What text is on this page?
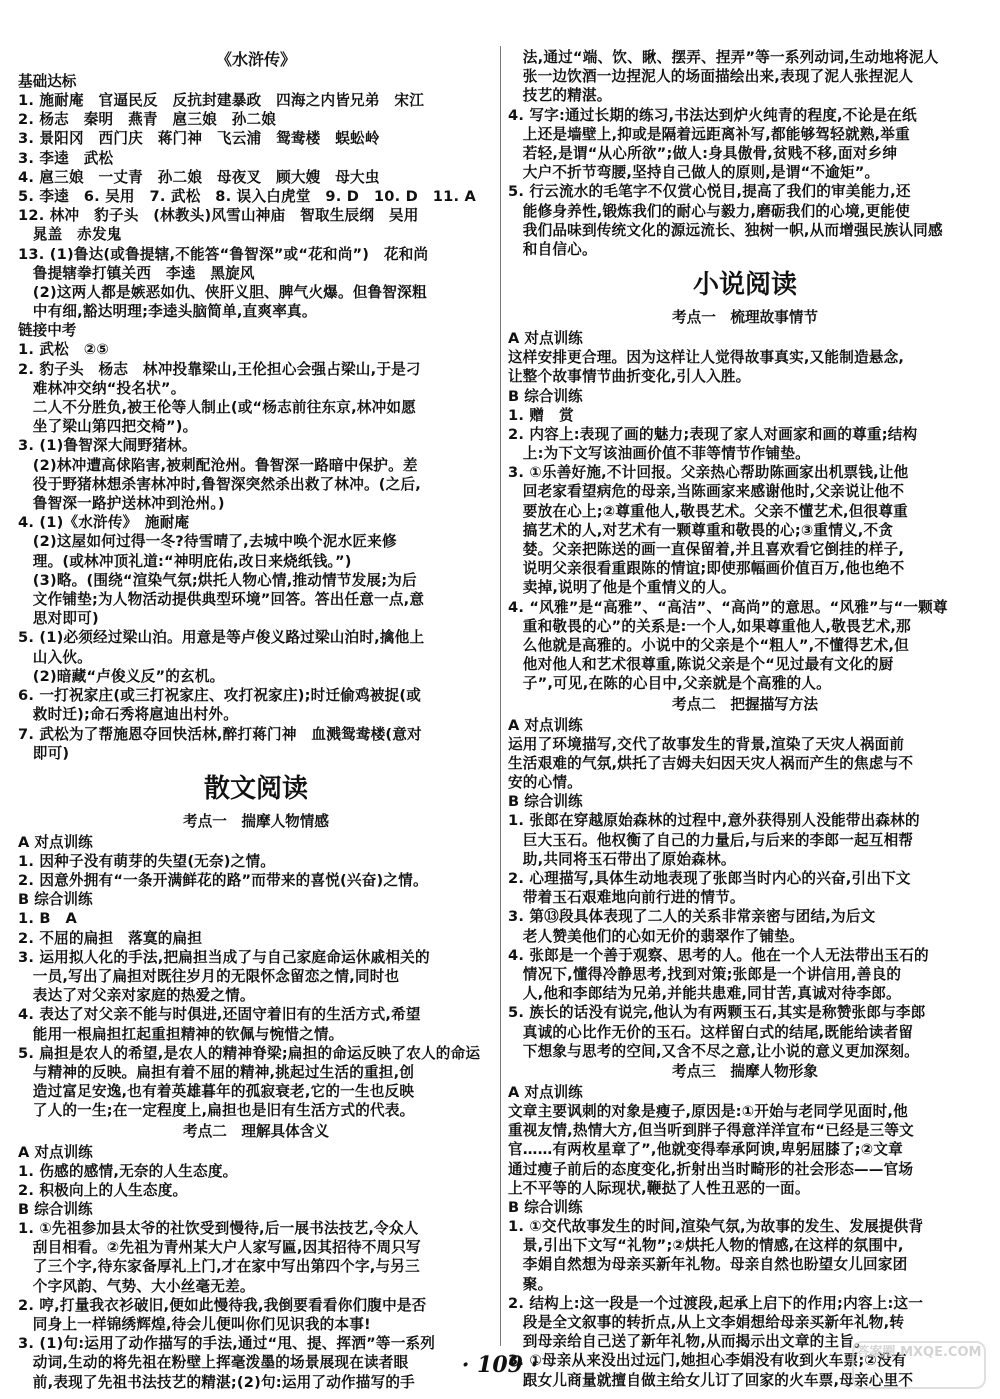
《水浒传》
基础达标
1. 施耐庵　官逼民反　反抗封建暴政　四海之内皆兄弟　宋江
2. 杨志　秦明　燕青　扈三娘　孙二娘
3. 景阳冈　西门庆　蒋门神　飞云浦　鸳鸯楼　蜈蚣岭
3. 李逵　武松
4. 扈三娘　一丈青　孙二娘　母夜叉　顾大嫂　母大虫
5. 李逵　6. 吴用　7. 武松　8. 误入白虎堂　9. D　10. D　11. A
12. 林冲　豹子头　(林教头)风雪山神庙　智取生辰纲　吴用
　晁盖　赤发鬼
13. (1)鲁达(或鲁提辖,不能答“鲁智深”或“花和尚”)　花和尚
　鲁提辖拳打镇关西　李逵　黑旋风
　(2)这两人都是嫉恶如仇、侠肝义胆、脾气火爆。但鲁智深粗
　中有细,豁达明理;李逵头脑简单,直爽率真。
链接中考
1. 武松　②⑤
2. 豹子头　杨志　林冲投靠梁山,王伦担心会强占梁山,于是刁
　难林冲交纳“投名状”。
　二人不分胜负,被王伦等人制止(或“杨志前往东京,林冲如愿
　坐了梁山第四把交椅”)。
3. (1)鲁智深大闹野猪林。
　(2)林冲遭高俅陷害,被刺配沧州。鲁智深一路暗中保护。差
　役于野猪林想杀害林冲时,鲁智深突然杀出救了林冲。(之后,
　鲁智深一路护送林冲到沧州。)
4. (1)《水浒传》　施耐庵
　(2)这屋如何过得一冬?待雪晴了,去城中唤个泥水匠来修
　理。(或林冲顶礼道:“神明庇佑,改日来烧纸钱。”)
　(3)略。(围绕“渲染气氛;烘托人物心情,推动情节发展;为后
　文作铺垫;为人物活动提供典型环境”回答。答出任意一点,意
　思对即可)
5. (1)必须经过梁山泊。用意是等卢俊义路过梁山泊时,擒他上
　山入伙。
　(2)暗藏“卢俊义反”的玄机。
6. 一打祝家庄(或三打祝家庄、攻打祝家庄);时迁偷鸡被捉(或
　救时迁);命石秀将扈迪出村外。
7. 武松为了帮施恩夺回快活林,醉打蒋门神　血溅鸳鸯楼(意对
　即可)
散文阅读
考点一　揣摩人物情感
A 对点训练
1. 因种子没有萌芽的失望(无奈)之情。
2. 因意外拥有“一条开满鲜花的路”而带来的喜悦(兴奋)之情。
B 综合训练
1. B　A
2. 不屈的扁担　落寞的扁担
3. 运用拟人化的手法,把扁担当成了与自己家庭命运休戚相关的
　一员,写出了扁担对既往岁月的无限怀念留恋之情,同时也
　表达了对父亲对家庭的热爱之情。
4. 表达了对父亲不能与时俱进,还固守着旧有的生活方式,希望
　能用一根扁担扛起重担精神的钦佩与惋惜之情。
5. 扁担是农人的希望,是农人的精神脊梁;扁担的命运反映了农人的命运
　与精神的反映。扁担有着不屈的精神,挑起过生活的重担,创
　造过富足安逸,也有着英雄暮年的孤寂衰老,它的一生也反映
　了人的一生;在一定程度上,扁担也是旧有生活方式的代表。
考点二　理解具体含义
A 对点训练
1. 伤感的感情,无奈的人生态度。
2. 积极向上的人生态度。
B 综合训练
1. ①先祖参加县太爷的社饮受到慢待,后一展书法技艺,令众人
　刮目相看。②先祖为青州某大户人家写匾,因其招待不周只写
　了三个字,待东家备厚礼上门,才在家中写出第四个字,与另三
　个字风韵、气势、大小丝毫无差。
2. 哼,打量我衣衫破旧,便如此慢待我,我倒要看看你们腹中是否
　同身上一样锦绣辉煌,待会儿便叫你们见识我的本事!
3. (1)句:运用了动作描写的手法,通过“甩、提、挥洒”等一系列
　动词,生动的将先祖在粉壁上挥毫泼墨的场景展现在读者眼
　前,表现了先祖书法技艺的精湛;(2)句:运用了动作描写的手
　法,通过“端、饮、瞅、摆弄、捏弄”等一系列动词,生动地将泥人
　张一边饮酒一边捏泥人的场面描绘出来,表现了泥人张捏泥人
　技艺的精湛。
4. 写字:通过长期的练习,书法达到炉火纯青的程度,不论是在纸
　上还是墙壁上,抑或是隔着远距离补写,都能够驾轻就熟,举重
　若轻,是谓“从心所欲”;做人:身具傲骨,贫贱不移,面对乡绅
　大户不折节弯腰,坚持自己做人的原则,是谓“不逾矩”。
5. 行云流水的毛笔字不仅赏心悦目,提高了我们的审美能力,还
　能修身养性,锻炼我们的耐心与毅力,磨砺我们的心境,更能使
　我们品味到传统文化的源远流长、独树一帜,从而增强民族认同感
　和自信心。
小说阅读
考点一　梳理故事情节
A 对点训练
这样安排更合理。因为这样让人觉得故事真实,又能制造悬念,
让整个故事情节曲折变化,引人入胜。
B 综合训练
1. 赠　赏
2. 内容上:表现了画的魅力;表现了家人对画家和画的尊重;结构
　上:为下文写该油画价值不菲等情节作铺垫。
3. ①乐善好施,不计回报。父亲热心帮助陈画家出机票钱,让他
　回老家看望病危的母亲,当陈画家来感谢他时,父亲说让他不
　要放在心上;②尊重他人,敬畏艺术。父亲不懂艺术,但很尊重
　搞艺术的人,对艺术有一颗尊重和敬畏的心;③重情义,不贪
　婪。父亲把陈送的画一直保留着,并且喜欢看它倒挂的样子,
　说明父亲很看重跟陈的情谊;即使那幅画价值百万,他也绝不
　卖掉,说明了他是个重情义的人。
4. “风雅”是“高雅”、“高洁”、“高尚”的意思。“风雅”与“一颗尊
　重和敬畏的心”的关系是:一个人,如果尊重他人,敬畏艺术,那
　么他就是高雅的。小说中的父亲是个“粗人”,不懂得艺术,但
　他对他人和艺术很尊重,陈说父亲是个“见过最有文化的厨
　子”,可见,在陈的心目中,父亲就是个高雅的人。
考点二　把握描写方法
A 对点训练
运用了环境描写,交代了故事发生的背景,渲染了天灾人祸面前
生活艰难的气氛,烘托了吉姆夫妇因天灾人祸而产生的焦虑与不
安的心情。
B 综合训练
1. 张郎在穿越原始森林的过程中,意外获得别人没能带出森林的
　巨大玉石。他权衡了自己的力量后,与后来的李郎一起互相帮
　助,共同将玉石带出了原始森林。
2. 心理描写,具体生动地表现了张郎当时内心的兴奋,引出下文
　带着玉石艰难地向前行进的情节。
3. 第⑬段具体表现了二人的关系非常亲密与团结,为后文
　老人赞美他们的心如无价的翡翠作了铺垫。
4. 张郎是一个善于观察、思考的人。他在一个人无法带出玉石的
　情况下,懂得冷静思考,找到对策;张郎是一个讲信用,善良的
　人,他和李郎结为兄弟,并能共患难,同甘苦,真诚对待李郎。
5. 族长的话没有说完,他认为有两颗玉石,其实是称赞张郎与李郎
　真诚的心比作无价的玉石。这样留白式的结尾,既能给读者留
　下想象与思考的空间,又含不尽之意,让小说的意义更加深刻。
考点三　揣摩人物形象
A 对点训练
文章主要讽刺的对象是瘦子,原因是:①开始与老同学见面时,他
重视友情,热情大方,但当听到胖子得意洋洋宣布“已经是三等文
官……有两枚星章了”,他就变得奉承阿谀,卑躬屈膝了;②文章
通过瘦子前后的态度变化,折射出当时畸形的社会形态——官场
上不平等的人际现状,鞭挞了人性丑恶的一面。
B 综合训练
1. ①交代故事发生的时间,渲染气氛,为故事的发生、发展提供背
　景,引出下文写“礼物”;②烘托人物的情感,在这样的氛围中,
　李娟自然想为母亲买新年礼物。母亲自然也盼望女儿回家团
　聚。
2. 结构上:这一段是一个过渡段,起承上启下的作用;内容上:这一
　段是全文叙事的转折点,从上文李娟想给母亲买新年礼物,转
　到母亲给自己送了新年礼物,从而揭示出文章的主旨。
3. ①母亲从来没出过远门,她担心李娟没有收到火车票;②没有
　跟女儿商量就擅自做主给女儿订了回家的火车票,母亲心里不
· 109 ·	答案圈 MXQE.COM
